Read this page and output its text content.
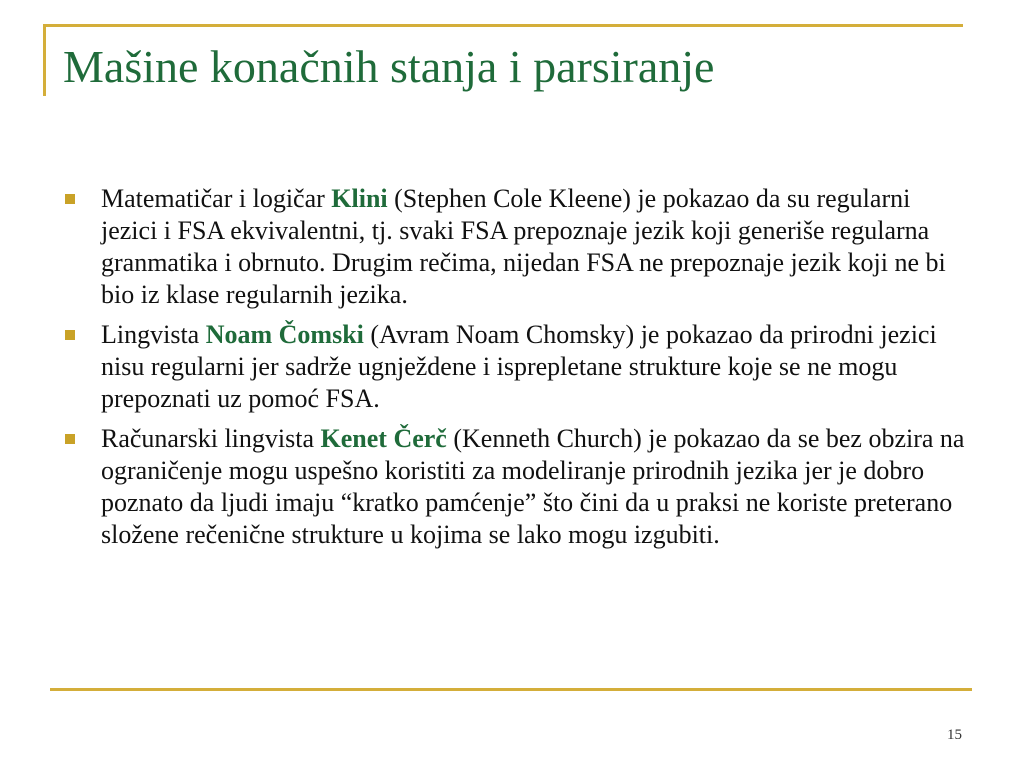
Mašine konačnih stanja i parsiranje
Matematičar i logičar Klini (Stephen Cole Kleene) je pokazao da su regularni jezici i FSA ekvivalentni, tj. svaki FSA prepoznaje jezik koji generiše regularna granmatika i obrnuto. Drugim rečima, nijedan FSA ne prepoznaje jezik koji ne bi bio iz klase regularnih jezika.
Lingvista Noam Čomski (Avram Noam Chomsky) je pokazao da prirodni jezici nisu regularni jer sadrže ugnježdene i isprepletane strukture koje se ne mogu prepoznati uz pomoć FSA.
Računarski lingvista Kenet Čerč (Kenneth Church) je pokazao da se bez obzira na ograničenje mogu uspešno koristiti za modeliranje prirodnih jezika jer je dobro poznato da ljudi imaju “kratko pamćenje” što čini da u praksi ne koriste preterano složene rečenične strukture u kojima se lako mogu izgubiti.
15
